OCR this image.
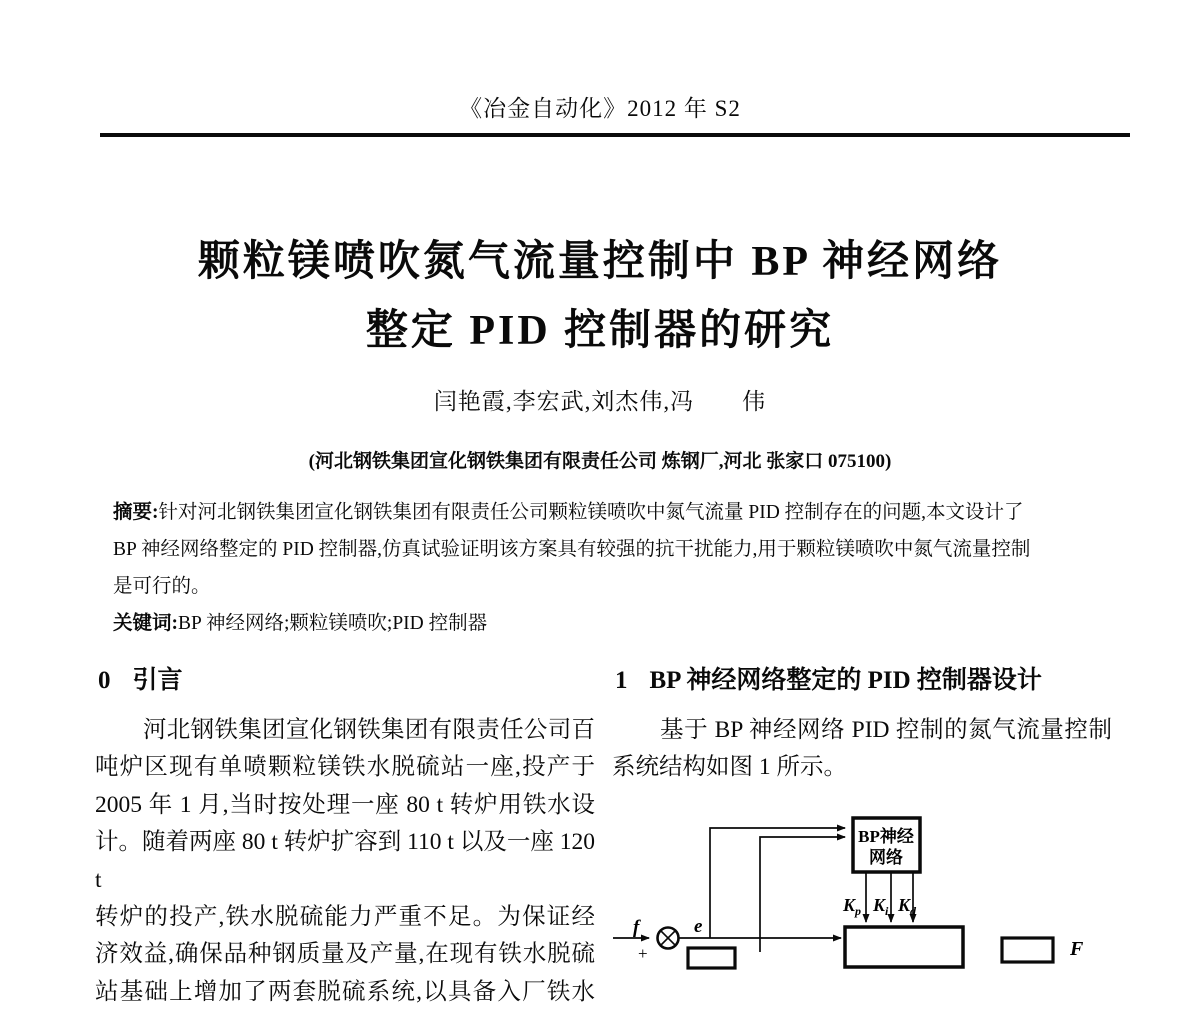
《冶金自动化》2012 年 S2
颗粒镁喷吹氮气流量控制中 BP 神经网络
整定 PID 控制器的研究
闫艳霞,李宏武,刘杰伟,冯　　伟
(河北钢铁集团宣化钢铁集团有限责任公司 炼钢厂,河北 张家口 075100)
摘要:针对河北钢铁集团宣化钢铁集团有限责任公司颗粒镁喷吹中氮气流量 PID 控制存在的问题,本文设计了
BP 神经网络整定的 PID 控制器,仿真试验证明该方案具有较强的抗干扰能力,用于颗粒镁喷吹中氮气流量控制
是可行的。
关键词:BP 神经网络;颗粒镁喷吹;PID 控制器
0 引言
河北钢铁集团宣化钢铁集团有限责任公司百
吨炉区现有单喷颗粒镁铁水脱硫站一座,投产于
2005 年 1 月,当时按处理一座 80 t 转炉用铁水设
计。随着两座 80 t 转炉扩容到 110 t 以及一座 120 t
转炉的投产,铁水脱硫能力严重不足。为保证经
济效益,确保品种钢质量及产量,在现有铁水脱硫
站基础上增加了两套脱硫系统,以具备入厂铁水
1 BP 神经网络整定的 PID 控制器设计
基于 BP 神经网络 PID 控制的氮气流量控制
系统结构如图 1 所示。
BP神经
网络
$K_p$ $K_i$ $K_d$
f
+
e
F
